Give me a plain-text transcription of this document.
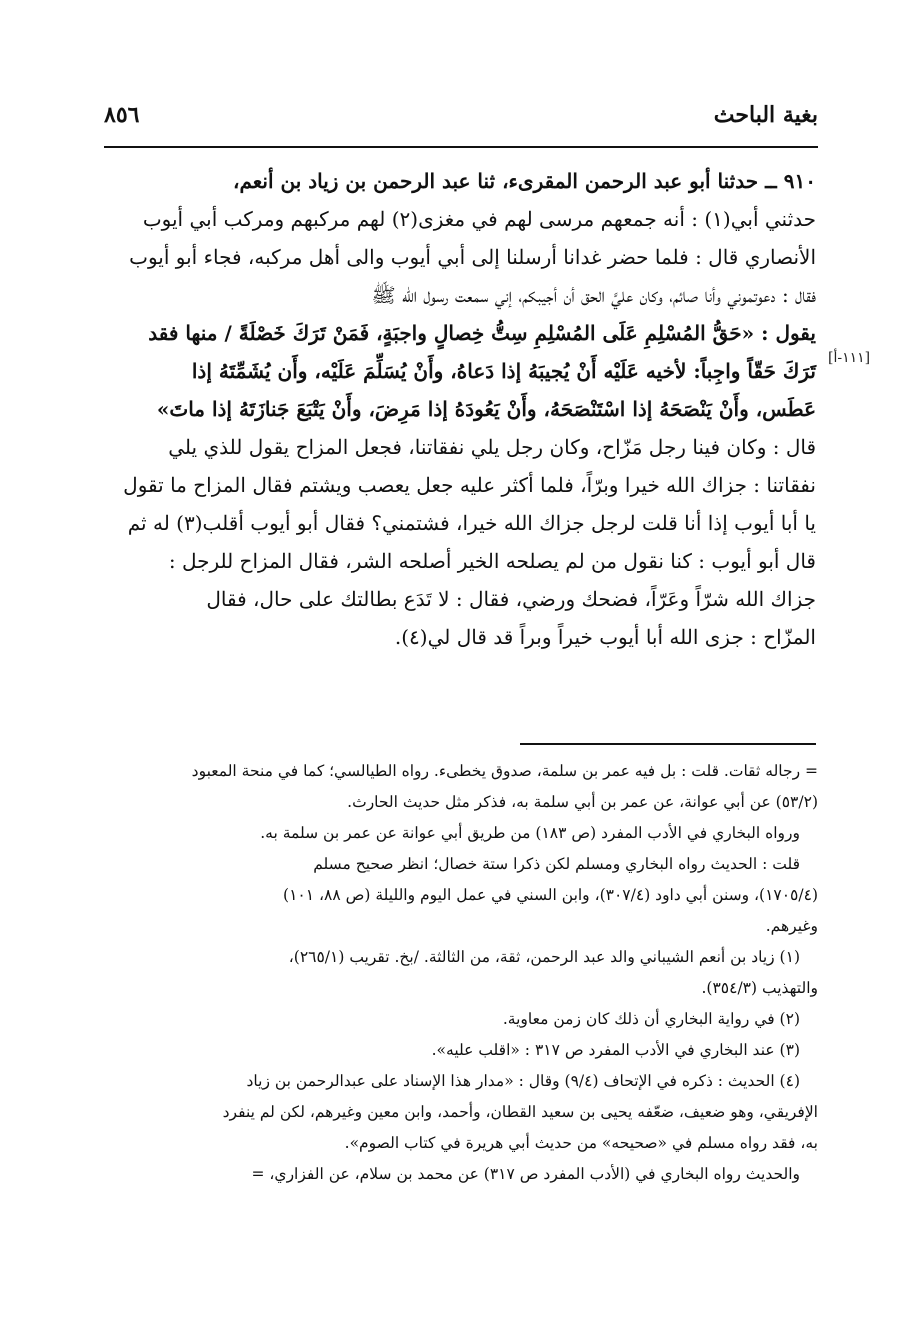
٨٥٦	بغية الباحث
[١١١-أ]

٩١٠ ــ حدثنا أبو عبد الرحمن المقرىء، ثنا عبد الرحمن بن زياد بن أنعم،

حدثني أبي(١) : أنه جمعهم مرسى لهم في مغزى(٢) لهم مركبهم ومركب أبي أيوب

الأنصاري قال : فلما حضر غدانا أرسلنا إلى أبي أيوب والى أهل مركبه، فجاء أبو أيوب

فقال : دعوتموني وأنا صائم، وكان عليَّ الحق أن أجيبكم، إني سمعت رسول الله ﷺ

يقول : «حَقُّ المُسْلِمِ عَلَى المُسْلِمِ سِتُّ خِصالٍ واجبَةٍ، فَمَنْ تَرَكَ خَصْلَةً / منها فقد

تَرَكَ حَقّاً واجِباً: لأخيه عَلَيْه أَنْ يُجيبَهُ إذا دَعاهُ، وأَنْ يُسَلِّمَ عَلَيْه، وأَن يُشَمِّتَهُ إذا

عَطَس، وأَنْ يَنْصَحَهُ إذا اسْتَنْصَحَهُ، وأَنْ يَعُودَهُ إذا مَرِضَ، وأَنْ يَتْبَعَ جَنازَتَهُ إذا ماتَ»

قال : وكان فينا رجل مَزّاح، وكان رجل يلي نفقاتنا، فجعل المزاح يقول للذي يلي

نفقاتنا : جزاك الله خيرا وبرّاً، فلما أكثر عليه جعل يعصب ويشتم فقال المزاح ما تقول

يا أبا أيوب إذا أنا قلت لرجل جزاك الله خيرا، فشتمني؟ فقال أبو أيوب أقلب(٣) له ثم

قال أبو أيوب : كنا نقول من لم يصلحه الخير أصلحه الشر، فقال المزاح للرجل :

جزاك الله شرّاً وعَرّاً، فضحك ورضي، فقال : لا تَدَع بطالتك على حال، فقال

المزّاح : جزى الله أبا أيوب خيراً وبراً قد قال لي(٤).

= رجاله ثقات. قلت : بل فيه عمر بن سلمة، صدوق يخطىء. رواه الطيالسي؛ كما في منحة المعبود

(٥٣/٢) عن أبي عوانة، عن عمر بن أبي سلمة به، فذكر مثل حديث الحارث.

ورواه البخاري في الأدب المفرد (ص ١٨٣) من طريق أبي عوانة عن عمر بن سلمة به.

قلت : الحديث رواه البخاري ومسلم لكن ذكرا ستة خصال؛ انظر صحيح مسلم

(١٧٠٥/٤)، وسنن أبي داود (٣٠٧/٤)، وابن السني في عمل اليوم والليلة (ص ٨٨، ١٠١)

وغيرهم.

(١) زياد بن أنعم الشيباني والد عبد الرحمن، ثقة، من الثالثة. /بخ. تقريب (٢٦٥/١)،

والتهذيب (٣٥٤/٣).

(٢) في رواية البخاري أن ذلك كان زمن معاوية.

(٣) عند البخاري في الأدب المفرد ص ٣١٧ : «اقلب عليه».

(٤) الحديث : ذكره في الإتحاف (٩/٤) وقال : «مدار هذا الإسناد على عبدالرحمن بن زياد

الإفريقي، وهو ضعيف، ضعّفه يحيى بن سعيد القطان، وأحمد، وابن معين وغيرهم، لكن لم ينفرد

به، فقد رواه مسلم في «صحيحه» من حديث أبي هريرة في كتاب الصوم».

والحديث رواه البخاري في (الأدب المفرد ص ٣١٧) عن محمد بن سلام، عن الفزاري، =
